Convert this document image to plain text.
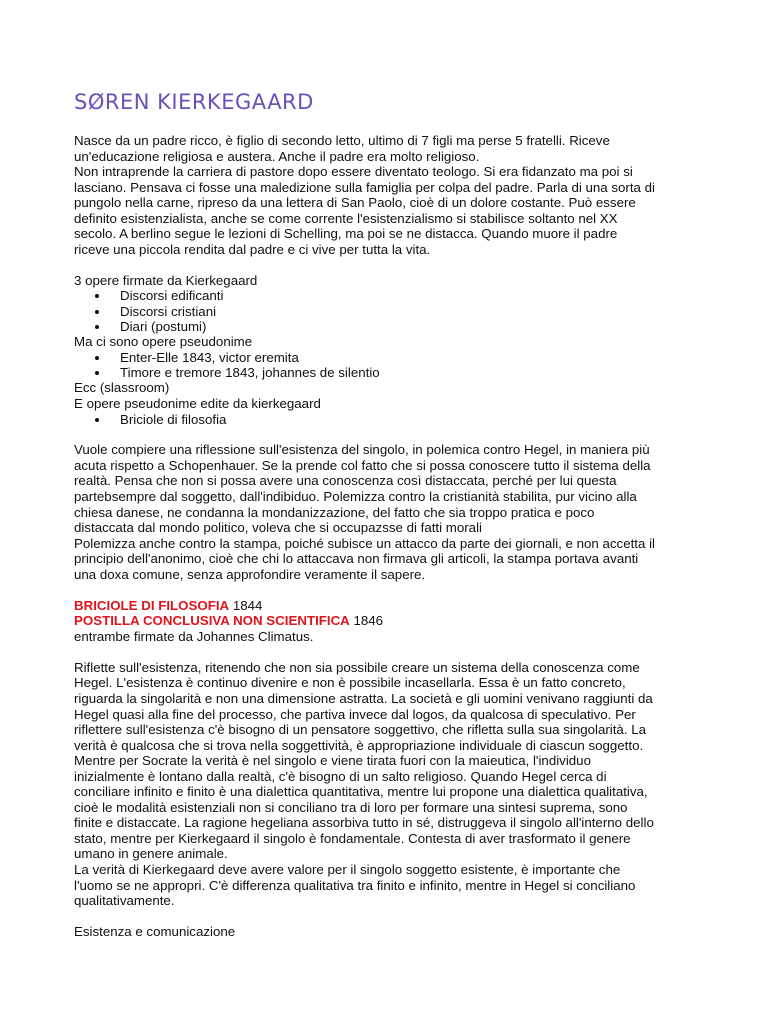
SØREN KIERKEGAARD

Nasce da un padre ricco, è figlio di secondo letto, ultimo di 7 figli ma perse 5 fratelli. Riceve
un'educazione religiosa e austera. Anche il padre era molto religioso.
Non intraprende la carriera di pastore dopo essere diventato teologo. Si era fidanzato ma poi si
lasciano. Pensava ci fosse una maledizione sulla famiglia per colpa del padre. Parla di una sorta di
pungolo nella carne, ripreso da una lettera di San Paolo, cioè di un dolore costante. Può essere
definito esistenzialista, anche se come corrente l'esistenzialismo si stabilisce soltanto nel XX
secolo. A berlino segue le lezioni di Schelling, ma poi se ne distacca. Quando muore il padre
riceve una piccola rendita dal padre e ci vive per tutta la vita.

3 opere firmate da Kierkegaard

Discorsi edificanti
Discorsi cristiani
Diari (postumi)

Ma ci sono opere pseudonime

Enter-Elle 1843, victor eremita
Timore e tremore 1843, johannes de silentio

Ecc (slassroom)

E opere pseudonime edite da kierkegaard

Briciole di filosofia

Vuole compiere una riflessione sull'esistenza del singolo, in polemica contro Hegel, in maniera più
acuta rispetto a Schopenhauer. Se la prende col fatto che si possa conoscere tutto il sistema della
realtà. Pensa che non si possa avere una conoscenza così distaccata, perché per lui questa
partebsempre dal soggetto, dall'indibiduo. Polemizza contro la cristianità stabilita, pur vicino alla
chiesa danese, ne condanna la mondanizzazione, del fatto che sia troppo pratica e poco
distaccata dal mondo politico, voleva che si occupazsse di fatti morali
Polemizza anche contro la stampa, poiché subisce un attacco da parte dei giornali, e non accetta il
principio dell'anonimo, cioè che chi lo attaccava non firmava gli articoli, la stampa portava avanti
una doxa comune, senza approfondire veramente il sapere.

BRICIOLE DI FILOSOFIA 1844

POSTILLA CONCLUSIVA NON SCIENTIFICA 1846

entrambe firmate da Johannes Climatus.

Riflette sull'esistenza, ritenendo che non sia possibile creare un sistema della conoscenza come
Hegel. L'esistenza è continuo divenire e non è possibile incasellarla. Essa è un fatto concreto,
riguarda la singolarità e non una dimensione astratta. La società e gli uomini venivano raggiunti da
Hegel quasi alla fine del processo, che partiva invece dal logos, da qualcosa di speculativo. Per
riflettere sull'esistenza c'è bisogno di un pensatore soggettivo, che rifletta sulla sua singolarità. La
verità è qualcosa che si trova nella soggettività, è appropriazione individuale di ciascun soggetto.
Mentre per Socrate la verità è nel singolo e viene tirata fuori con la maieutica, l'individuo
inizialmente è lontano dalla realtà, c'è bisogno di un salto religioso. Quando Hegel cerca di
conciliare infinito e finito è una dialettica quantitativa, mentre lui propone una dialettica qualitativa,
cioè le modalità esistenziali non si conciliano tra di loro per formare una sintesi suprema, sono
finite e distaccate. La ragione hegeliana assorbiva tutto in sé, distruggeva il singolo all'interno dello
stato, mentre per Kierkegaard il singolo è fondamentale. Contesta di aver trasformato il genere
umano in genere animale.
La verità di Kierkegaard deve avere valore per il singolo soggetto esistente, è importante che
l'uomo se ne appropri. C'è differenza qualitativa tra finito e infinito, mentre in Hegel si conciliano
qualitativamente.

Esistenza e comunicazione
